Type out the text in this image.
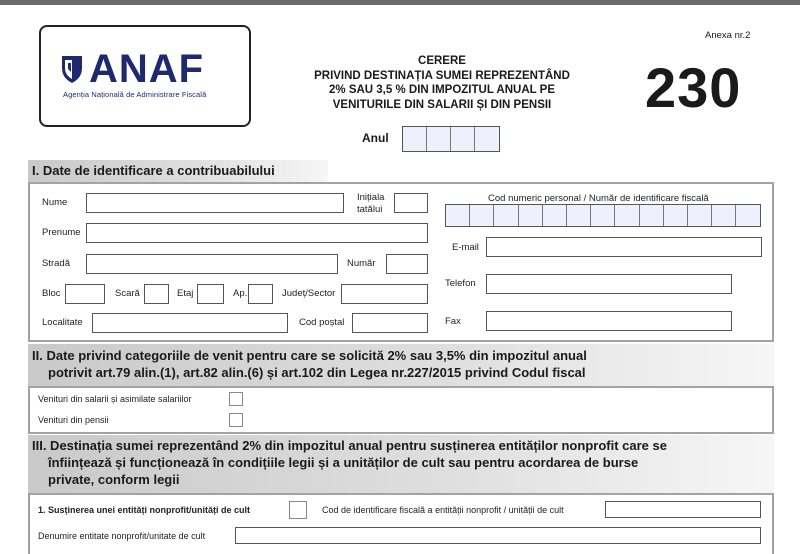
ANAF
Agenția Națională de Administrare Fiscală
CERERE
PRIVIND DESTINAȚIA SUMEI REPREZENTÂND
2% SAU 3,5 % DIN IMPOZITUL ANUAL PE
VENITURILE DIN SALARII ȘI DIN PENSII
Anexa nr.2
230
Anul
I. Date de identificare a contribuabilului
Nume	Inițiala
tatălui
Prenume
Stradă	Număr
Bloc	Scară	Etaj	Ap.	Județ/Sector
Localitate	Cod poștal
Cod numeric personal / Număr de identificare fiscală
E-mail
Telefon
Fax
II. Date privind categoriile de venit pentru care se solicită 2% sau 3,5% din impozitul anual
potrivit art.79 alin.(1), art.82 alin.(6) și art.102 din Legea nr.227/2015 privind Codul fiscal
Venituri din salarii și asimilate salariilor
Venituri din pensii
III. Destinația sumei reprezentând 2% din impozitul anual pentru susținerea entităților nonprofit care se
înființează și funcționează în condițiile legii și a unităților de cult sau pentru acordarea de burse
private, conform legii
1. Susținerea unei entități nonprofit/unități de cult	Cod de identificare fiscală a entității nonprofit / unității de cult
Denumire entitate nonprofit/unitate de cult
